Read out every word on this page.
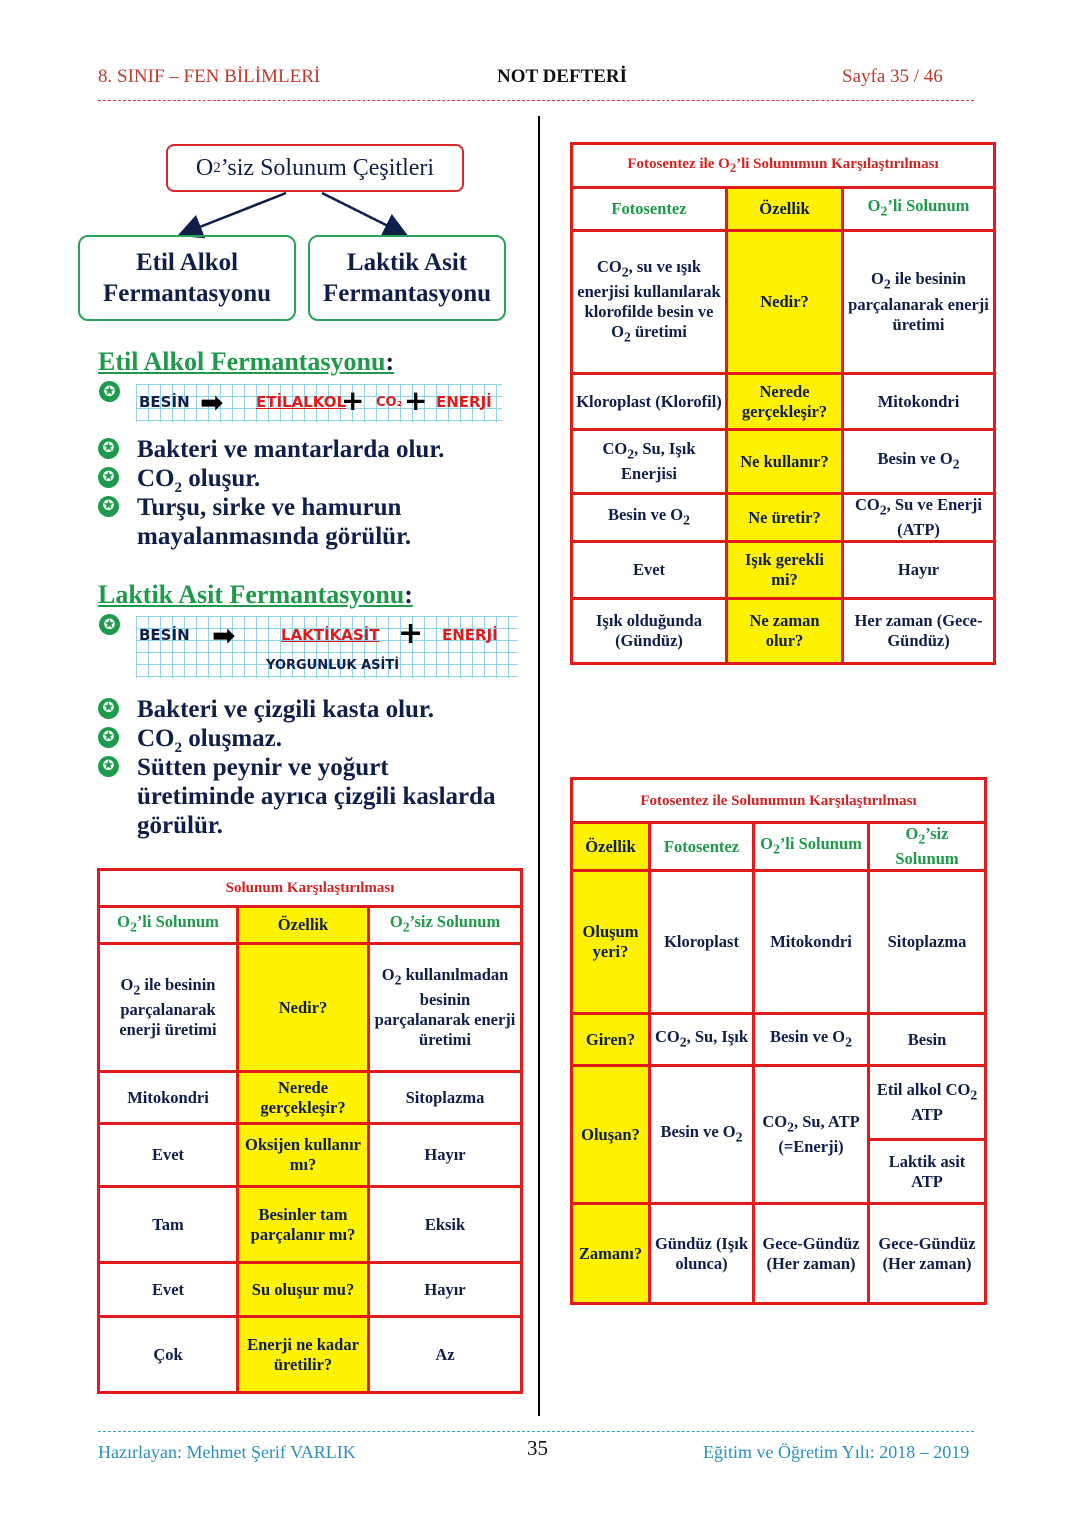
8. SINIF – FEN BİLİMLERİ	NOT DEFTERİ	Sayfa 35 / 46
O 2 ’siz Solunum Çeşitleri
Etil Alkol
Fermantasyonu
Laktik Asit
Fermantasyonu
Etil Alkol Fermantasyonu:
✪
BESİN ➡ ETİLALKOL
+ CO₂ + ENERJİ
✪ Bakteri ve mantarlarda olur.
✪ $CO_2$ oluşur.
✪ Turşu, sirke ve hamurun
mayalanmasında görülür.
Laktik Asit Fermantasyonu:
✪
BESİN ➡	LAKTİKASİT + ENERJİ
YORGUNLUK ASİTİ
✪ Bakteri ve çizgili kasta olur.
✪ $CO_2$ oluşmaz.
✪ Sütten peynir ve yoğurt
üretiminde ayrıca çizgili kaslarda
görülür.
Solunum Karşılaştırılması		
$O_2’li$ Solunum	Özellik	$O_2’siz$ Solunum
$O_2$ ile besinin parçalanarak enerji üretimi	Nedir?	$O_2$ kullanılmadan besinin parçalanarak enerji üretimi
Mitokondri	Nerede gerçekleşir?	Sitoplazma
Evet	Oksijen kullanır mı?	Hayır
Tam	Besinler tam parçalanır mı?	Eksik
Evet	Su oluşur mu?	Hayır
Çok	Enerji ne kadar üretilir?	Az
Fotosentez ile $O_2’li$ Solunumun Karşılaştırılması		
Fotosentez	Özellik	$O_2’li$ Solunum
$CO_2$, su ve ışık enerjisi kullanılarak klorofilde besin ve $O_2$ üretimi	Nedir?	$O_2$ ile besinin parçalanarak enerji üretimi
Kloroplast (Klorofil)	Nerede gerçekleşir?	Mitokondri
$CO_2$, Su, Işık Enerjisi	Ne kullanır?	Besin ve $O_2$
Besin ve $O_2$	Ne üretir?	$CO_2$, Su ve Enerji (ATP)
Evet	Işık gerekli mi?	Hayır
Işık olduğunda (Gündüz)	Ne zaman olur?	Her zaman (Gece-Gündüz)
Fotosentez ile Solunumun Karşılaştırılması			
Özellik	Fotosentez	$O_2’li$ Solunum	$O_2’siz$ Solunum
Oluşum yeri?	Kloroplast	Mitokondri	Sitoplazma
Giren?	$CO_2$, Su, Işık	Besin ve $O_2$	Besin
Oluşan?	Besin ve $O_2$	$CO_2$, Su, ATP (=Enerji)	Etil alkol $CO_2$ ATP
			Laktik asit ATP
Zamanı?	Gündüz (Işık olunca)	Gece-Gündüz (Her zaman)	Gece-Gündüz (Her zaman)
Hazırlayan: Mehmet Şerif VARLIK	35	Eğitim ve Öğretim Yılı: 2018 – 2019
